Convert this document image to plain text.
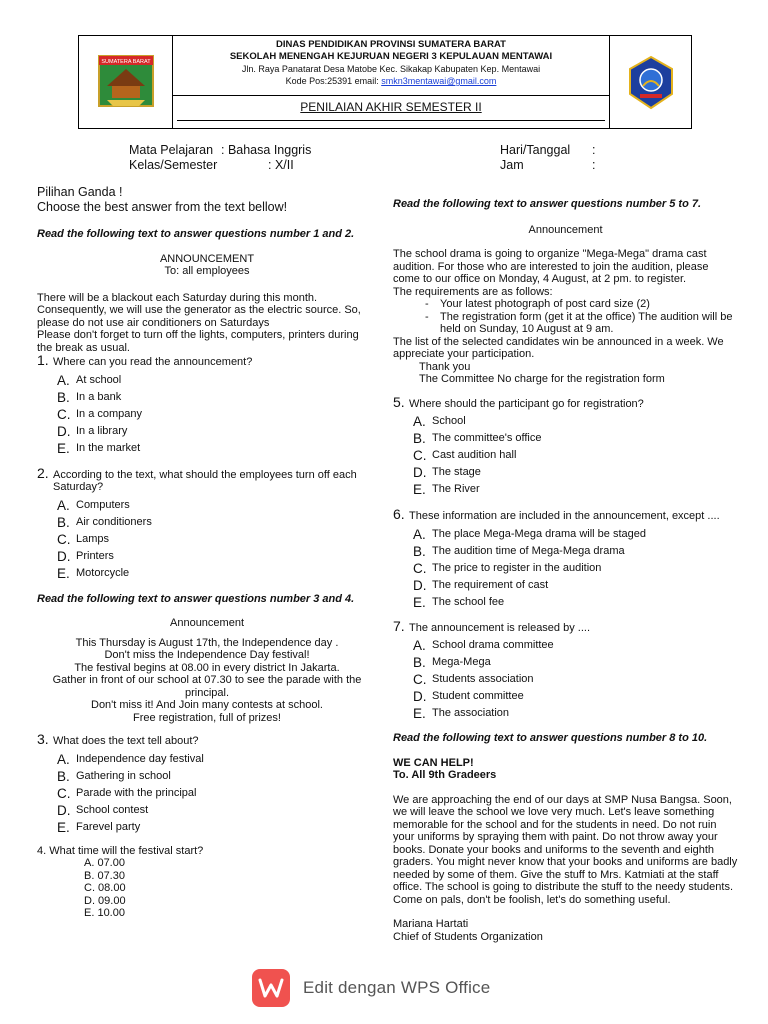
SUMATERA BARAT
DINAS PENDIDIKAN PROVINSI SUMATERA BARAT
SEKOLAH MENENGAH KEJURUAN NEGERI 3 KEPULAUAN MENTAWAI
Jln. Raya Panatarat Desa Matobe Kec. Sikakap Kabupaten Kep. Mentawai
Kode Pos:25391 email: smkn3mentawai@gmail.com
PENILAIAN AKHIR SEMESTER II
Mata Pelajaran : Bahasa Inggris
Kelas/Semester	: X/II
Hari/Tanggal :
Jam	:
Pilihan Ganda !
Choose the best answer from the text bellow!
Read the following text to answer questions number 1 and 2.
ANNOUNCEMENT
To: all employees
There will be a blackout each Saturday during this month. Consequently, we will use the generator as the electric source. So, please do not use air conditioners on Saturdays
Please don't forget to turn off the lights, computers, printers during the break as usual.
1. Where can you read the announcement?
A. At school
B. In a bank
C. In a company
D. In a library
E. In the market
2. According to the text, what should the employees turn off each Saturday?
A. Computers
B. Air conditioners
C. Lamps
D. Printers
E. Motorcycle
Read the following text to answer questions number 3 and 4.
Announcement
This Thursday is August 17th, the Independence day .
Don't miss the Independence Day festival!
The festival begins at 08.00 in every district In Jakarta.
Gather in front of our school at 07.30 to see the parade with the principal.
Don't miss it! And Join many contests at school.
Free registration, full of prizes!
3. What does the text tell about?
A. Independence day festival
B. Gathering in school
C. Parade with the principal
D. School contest
E. Farevel party
4. What time will the festival start?
A. 07.00
B. 07.30
C. 08.00
D. 09.00
E. 10.00
Read the following text to answer questions number 5 to 7.
Announcement
The school drama is going to organize "Mega-Mega" drama cast audition. For those who are interested to join the audition, please come to our office on Monday, 4 August, at 2 pm. to register.
The requirements are as follows:
- Your latest photograph of post card size (2)
- The registration form (get it at the office) The audition will be held on Sunday, 10 August at 9 am.
The list of the selected candidates win be announced in a week. We appreciate your participation.
Thank you
The Committee No charge for the registration form
5. Where should the participant go for registration?
A. School
B. The committee's office
C. Cast audition hall
D. The stage
E. The River
6. These information are included in the announcement, except ....
A. The place Mega-Mega drama will be staged
B. The audition time of Mega-Mega drama
C. The price to register in the audition
D. The requirement of cast
E. The school fee
7. The announcement is released by ....
A. School drama committee
B. Mega-Mega
C. Students association
D. Student committee
E. The association
Read the following text to answer questions number 8 to 10.
WE CAN HELP!
To. All 9th Gradeers
We are approaching the end of our days at SMP Nusa Bangsa. Soon, we will leave the school we love very much. Let's leave something memorable for the school and for the students in need. Do not ruin your uniforms by spraying them with paint. Do not throw away your books. Donate your books and uniforms to the seventh and eighth graders. You might never know that your books and uniforms are badly needed by some of them. Give the stuff to Mrs. Katmiati at the staff office. The school is going to distribute the stuff to the needy students. Come on pals, don't be foolish, let's do something useful.
Mariana Hartati
Chief of Students Organization
Edit dengan WPS Office
